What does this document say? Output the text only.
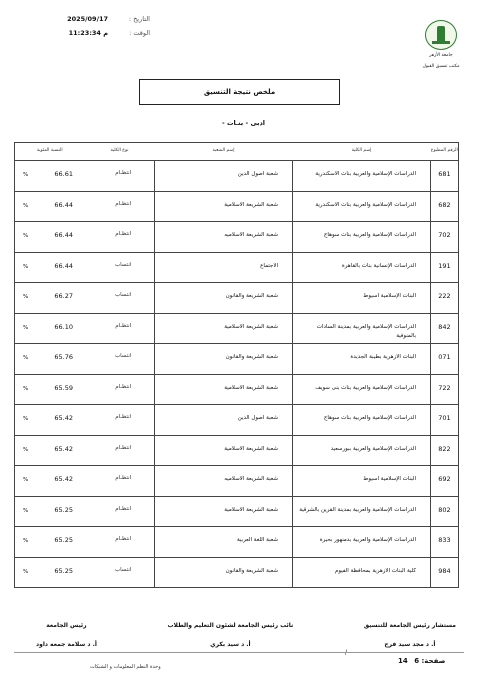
جامعة الأزهر
مكتب تنسيق القبول
التاريخ :
2025/09/17
الوقت :
11:23:34 م
ملخص نتيجة التنسيق
- ادبى - بنـات
الرقم المطبوع	إسم الكلية	إسم الشعبة	نوع الكلية	النسبة المئوية
681	الدراسات الإسلامية والعربية بنات الاسكندرية	شعبة اصول الدين	انتظـام	% 66.61
682	الدراسات الإسلامية والعربية بنات الاسكندرية	شعبة الشريعة الاسلامية	انتظـام	% 66.44
702	الدراسات الإسلامية والعربية بنات سوهاج	شعبة الشريعة الاسلاميه	انتظـام	% 66.44
191	الدراسات الإنسانية بنات بالقاهرة	الاجتماع	انتساب	% 66.44
222	البنات الإسلامية اسيوط	شعبة الشريعة والقانون	انتساب	% 66.27
842	الدراسات الإسلامية والعربية بمدينة السادات بالمنوفية	شعبة الشريعة الاسلامية	انتظـام	% 66.10
071	البنات الازهرية بطيبة الجديدة	شعبة الشريعة والقانون	انتساب	% 65.76
722	الدراسات الإسلامية والعربية بنات بنى سويف	شعبة الشريعة الاسلامية	انتظـام	% 65.59
701	الدراسات الإسلامية والعربية بنات سوهاج	شعبة اصول الدين	انتظـام	% 65.42
822	الدراسات الإسلامية والعربية ببورسعيد	شعبة الشريعة الاسلامية	انتظـام	% 65.42
692	البنات الإسلامية اسيوط	شعبة الشريعة الاسلاميه	انتظـام	% 65.42
802	الدراسات الإسلامية والعربية بمدينة القرين بالشرقية	شعبة الشريعة الاسلامية	انتظـام	% 65.25
833	الدراسات الإسلامية والعربية بدمنهور بحيرة	شعبة اللغة العربية	انتظـام	% 65.25
984	كلية البنات الازهرية بمحافظة الفيوم	شعبة الشريعة والقانون	انتساب	% 65.25
مستشار رئيس الجامعة للتنسيق
أ. د مجد سيد فرج
نائب رئيس الجامعة لشئون التعليم والطلاب
أ. د سيد بكري
رئيس الجامعة
أ. د سلامة جمعه داود
/
وحدة النظم المعلومات و الشبكات
صفحة: 6 14
